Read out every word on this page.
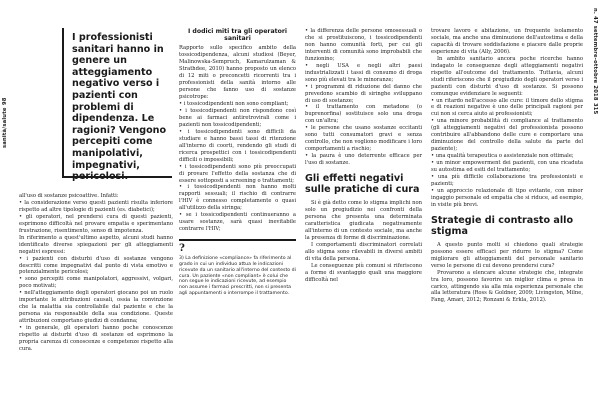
sanità/salute 98
n. 47 settembre-ottobre 2018 315
I professionisti sanitari hanno in genere un atteggiamento negativo verso i pazienti con problemi di dipendenza. Le ragioni? Vengono percepiti come manipolativi, impegnativi, pericolosi.

all'uso di sostanze psicoattive. Infatti:

• la considerazione verso questi pazienti risulta inferiore rispetto ad altre tipologie di pazienti (es. diabetici);

• gli operatori, nel prendersi cura di questi pazienti, esprimono difficoltà nel provare empatia e sperimentano frustrazione, risentimento, senso di impotenza.

In riferimento a quest'ultimo aspetto, alcuni studi hanno identificato diverse spiegazioni per gli atteggiamenti negativi espressi:

• i pazienti con disturbi d'uso di sostanze vengono descritti come impegnativi dal punto di vista emotivo e potenzialmente pericolosi;

• sono percepiti come manipolatori, aggressivi, volgari, poco motivati;

• nell'atteggiamento degli operatori giocano poi un ruolo importante le attribuzioni causali, ossia la convinzione che la malattia sia controllabile dal paziente e che la persona sia responsabile della sua condizione. Queste attribuzioni comportano giudizi di condanna;

• in generale, gli operatori hanno poche conoscenze rispetto ai disturbi d'uso di sostanze ed esprimono la propria carenza di conoscenze e competenze rispetto alla cura.

I dodici miti tra gli operatori sanitari

Rapporto sullo specifico ambito della tossicodipendenza, alcuni studiosi (Beyer, Malinowska-Sempruch, Kamarulzaman & Strathdee, 2010) hanno proposto un elenco di 12 miti o preconcetti ricorrenti tra i professionisti della sanità intorno alle persone che fanno uso di sostanze psicotrope:

• i tossicodipendenti non sono compliant;

• i tossicodipendenti non rispondono così bene ai farmaci antiretrovirali come i pazienti non tossicodipendenti;

• i tossicodipendenti sono difficili da studiare e hanno bassi tassi di ritenzione all'interno di coorti, rendendo gli studi di ricerca prospettici con i tossicodipendenti difficili o impossibili;

• i tossicodipendenti sono più preoccupati di provare l'effetto della sostanza che di essere sottoposti a screening o trattamenti;

• i tossicodipendenti non hanno molti rapporti sessuali; il rischio di contrarre l'HIV è connesso completamente o quasi all'utilizzo della siringa;

• se i tossicodipendenti continueranno a usare sostanze, sarà quasi inevitabile contrarre l'HIV;

?
3) La definizione «compliance» fa riferimento al grado in cui un individuo attua le indicazioni ricevute da un sanitario all'interno del contesto di cura. Un paziente «non compliant» è colui che non segue le indicazioni ricevute, ad esempio non assume i farmaci prescritti, non si presenta agli appuntamenti o interrompe il trattamento.

• la differenza delle persone omosessuali o che si prostituiscono, i tossicodipendenti non hanno comunità forti, per cui gli interventi di comunità sono improbabili che funzionino;

• negli USA e negli altri paesi industrializzati i tassi di consumo di droga sono più elevati tra le minoranze;

• i programmi di riduzione del danno che prevedono scambio di siringhe sviluppano di uso di sostanze;

• il trattamento con metadone (o buprenorfina) sostituisce solo una droga con un'altra;

• le persone che usano sostanze eccitanti sono tutti consumatori gravi e senza controllo, che non vogliono modificare i loro comportamenti a rischio;

• la paura è uno deterrente efficace per l'uso di sostanze.

Gli effetti negativi sulle pratiche di cura

Si è già detto come lo stigma implichi non solo un pregiudizio nei confronti della persona che presenta una determinata caratteristica giudicata negativamente all'interno di un contesto sociale, ma anche la presenza di forme di discriminazione.

I comportamenti discriminatori correlati allo stigma sono rilevabili in diversi ambiti di vita della persona.

Le conseguenze più comuni si riferiscono a forme di svantaggio quali una maggiore difficoltà nel

trovare lavoro e abitazione, un frequente isolamento sociale, ma anche una diminuzione dell'autostima e della capacità di trovare soddisfazione e piacere dalle proprie esperienze di vita (Ally, 2006).

In ambito sanitario ancora poche ricerche hanno indagato le conseguenze degli atteggiamenti negativi rispetto all'outcome del trattamento. Tuttavia, alcuni studi riferiscono che il pregiudizio degli operatori verso i pazienti con disturbi d'uso di sostanze. Si possono comunque evidenziare le seguenti:

• un ritardo nell'accesso alle cure: il timore dello stigma e di reazioni negative è uno delle principali ragioni per cui non si cerca aiuto ai professionisti;

• una minore probabilità di compliance al trattamento (gli atteggiamenti negativi del professionista possono contribuire all'abbandono delle cure e comportare una diminuzione del controllo della salute da parte del paziente);

• una qualità terapeutica o assistenziale non ottimale;

• un minor empowerment dei pazienti, con una ricaduta su autostima ed esiti del trattamento;

• una più difficile collaborazione tra professionisti e pazienti;

• un approccio relazionale di tipo evitante, con minor ingaggio personale ed empatia che si riduce, ad esempio, in visite più brevi.

Strategie di contrasto allo stigma

A questo punto molti si chiedono quali strategie possono essere efficaci per ridurre lo stigma? Come migliorare gli atteggiamenti del personale sanitario verso le persone di cui devono prendersi cura?

Provarono a elencare alcune strategie che, integrate tra loro, possono favorire un miglior clima e presa in carico, attingendo sia alla mia esperienza personale che alla letteratura (Ross & Goldner, 2009; Livingston, Milne, Fang, Amari, 2012; Ronzani & Erkla, 2012).
